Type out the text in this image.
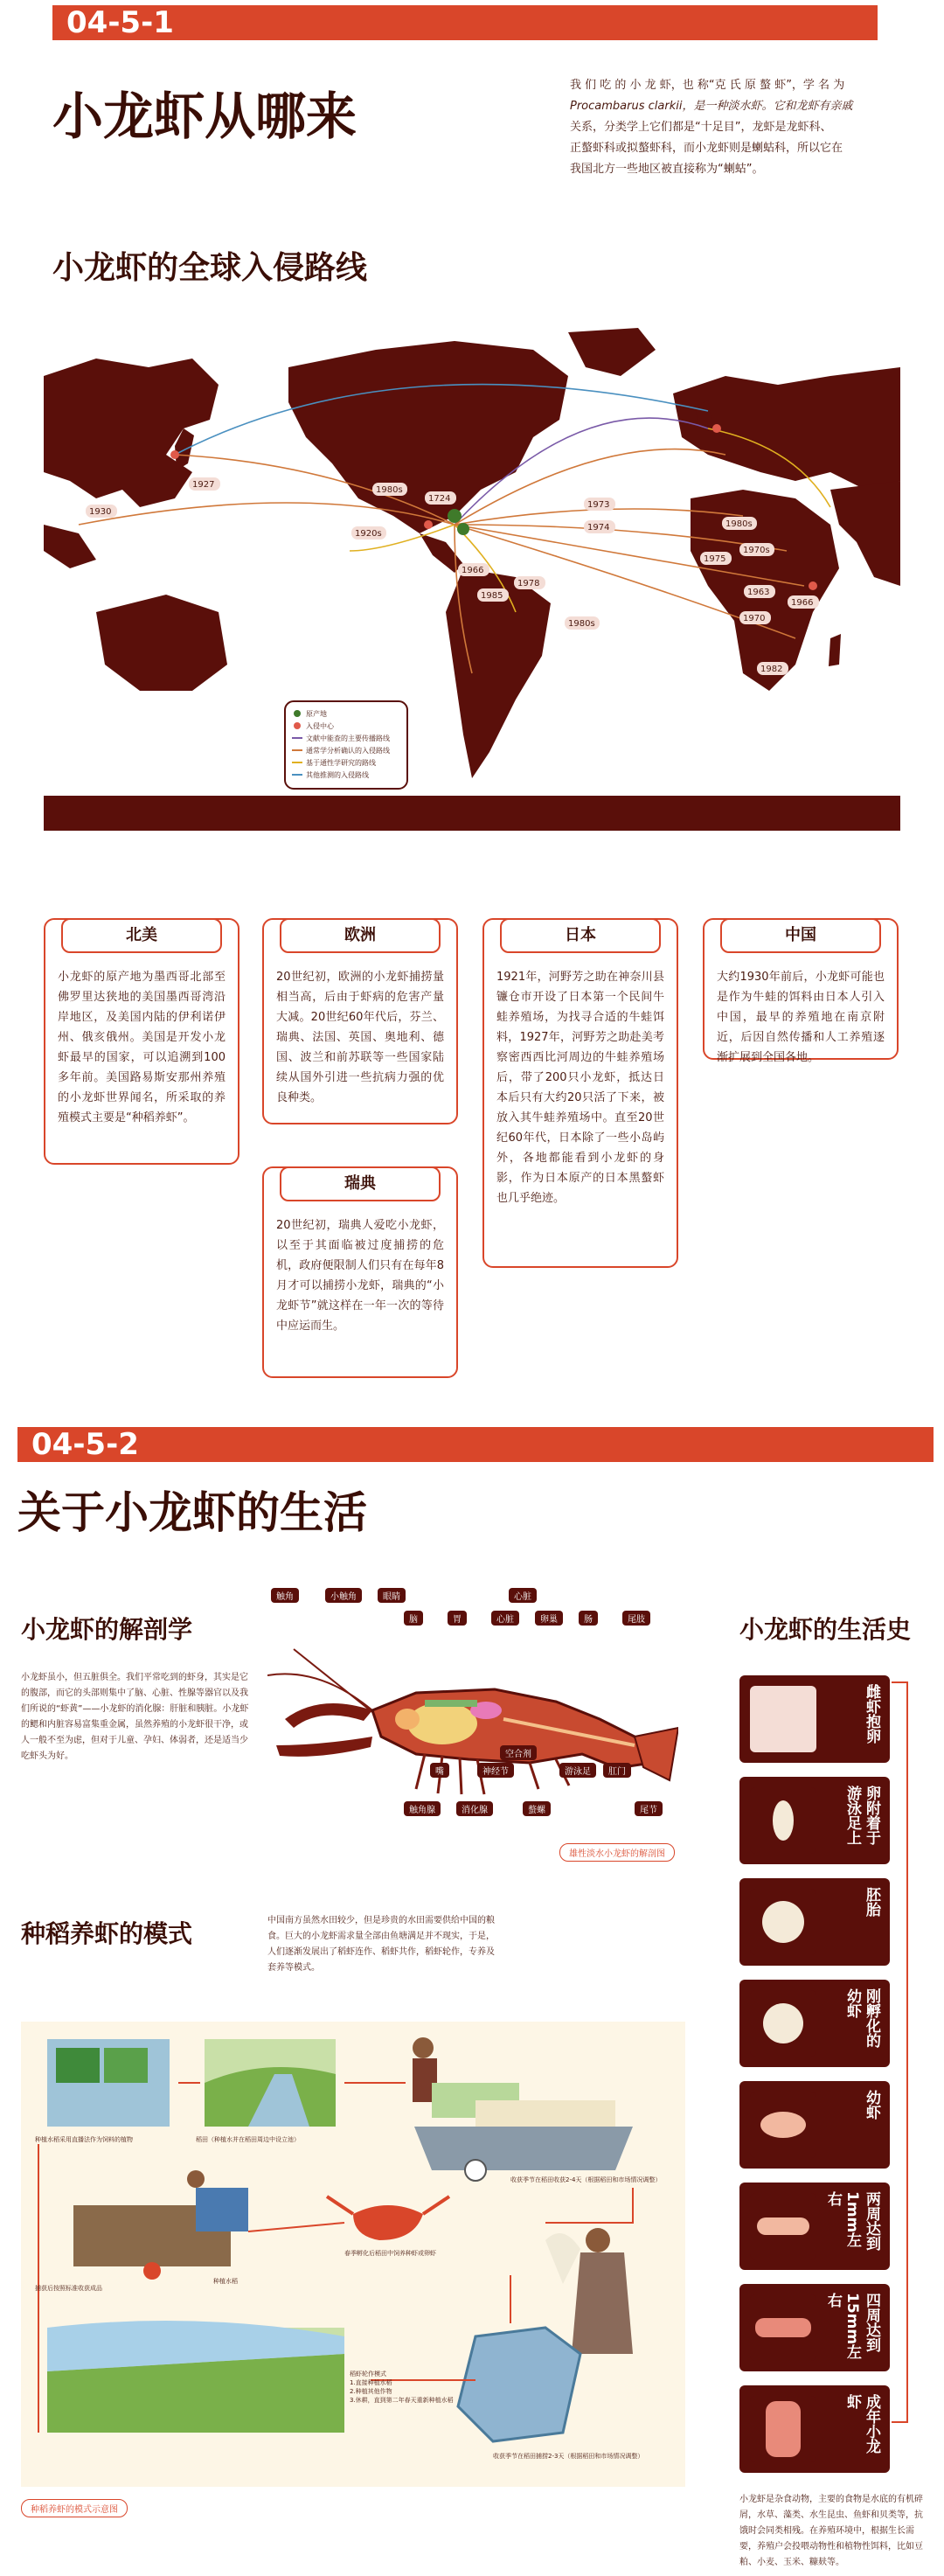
04-5-1
小龙虾从哪来
我 们 吃 的 小 龙 虾，也 称“克 氏 原 螯 虾”，学 名 为
Procambarus clarkii，是一种淡水虾。它和龙虾有亲戚
关系，分类学上它们都是“十足目”，龙虾是龙虾科、
正螯虾科或拟螯虾科，而小龙虾则是蝲蛄科，所以它在
我国北方一些地区被直接称为“蝲蛄”。
小龙虾的全球入侵路线
1927
1930
1980s
1724
1920s
1973
1974
1966
1985
1978
1980s
1980s
1970s
1975
1963
1966
1970
1982
原产地
入侵中心
文献中能查的主要传播路线
通常学分析确认的入侵路线
基于通性学研究的路线
其他推测的入侵路线
北美
小龙虾的原产地为墨西哥北部至佛罗里达狭地的美国墨西哥湾沿岸地区，及美国内陆的伊利诺伊州、俄亥俄州。美国是开发小龙虾最早的国家，可以追溯到100多年前。美国路易斯安那州养殖的小龙虾世界闻名，所采取的养殖模式主要是“种稻养虾”。
欧洲
20世纪初，欧洲的小龙虾捕捞量相当高，后由于虾病的危害产量大减。20世纪60年代后，芬兰、瑞典、法国、英国、奥地利、德国、波兰和前苏联等一些国家陆续从国外引进一些抗病力强的优良种类。
日本
1921年，河野芳之助在神奈川县镰仓市开设了日本第一个民间牛蛙养殖场，为找寻合适的牛蛙饵料，1927年，河野芳之助赴美考察密西西比河周边的牛蛙养殖场后，带了200只小龙虾，抵达日本后只有大约20只活了下来，被放入其牛蛙养殖场中。直至20世纪60年代，日本除了一些小岛屿外，各地都能看到小龙虾的身影，作为日本原产的日本黑螯虾也几乎绝迹。
中国
大约1930年前后，小龙虾可能也是作为牛蛙的饵料由日本人引入中国，最早的养殖地在南京附近，后因自然传播和人工养殖逐渐扩展到全国各地。
瑞典
20世纪初，瑞典人爱吃小龙虾，以至于其面临被过度捕捞的危机，政府便限制人们只有在每年8月才可以捕捞小龙虾，瑞典的“小龙虾节”就这样在一年一次的等待中应运而生。
04-5-2
关于小龙虾的生活
小龙虾的解剖学
小龙虾虽小，但五脏俱全。我们平常吃到的虾身，其实是它的腹部，而它的头部则集中了脑、心脏、性腺等器官以及我们所说的“虾黄”——小龙虾的消化腺：肝脏和胰脏。小龙虾的鳃和内脏容易富集重金属，虽然养殖的小龙虾很干净，或人一般不至为虑，但对于儿童、孕妇、体弱者，还是适当少吃虾头为好。
触角	小触角	眼睛
脑	胃	心脏
心脏
卵巢	肠	尾肢
嘴
触角腺
神经节
消化腺
空合剂
螯螺
游泳足	肛门
尾节
雄性淡水小龙虾的解剖图
种稻养虾的模式	中国南方虽然水田较少，但是珍贵的水田需要供给中国的粮食。巨大的小龙虾需求量全部由鱼塘满足并不现实，于是，人们逐渐发展出了稻虾连作、稻虾共作，稻虾轮作，专养及套养等模式。
种植水稻采用直播法作为饲料的植物	稻田（种植水并在稻田周边中设立池）
种植水稻
捕获后按照标准收获成品
春季孵化后稻田中饲养种虾或卵虾
收获季节在稻田收获2-4天（根据稻田和市场情况调整）
收获季节在稻田捕捞2-3天（根据稻田和市场情况调整）
稻虾轮作模式
1.直接种植水稻
2.种植其他作物
3.休耕，直到第二年春天重新种植水稻
种稻养虾的模式示意图
小龙虾的生活史
雌虾抱卵
卵附着于游泳足上
胚胎
刚孵化的幼虾
幼虾
两周达到1mm左右
四周达到15mm左右
成年小龙虾
小龙虾是杂食动物，主要的食物是水底的有机碎屑，水草、藻类、水生昆虫、鱼虾和贝类等，抗饿时会同类相残。在养殖环境中，根据生长需要，养殖户会投喂动物性和植物性饵料，比如豆粕、小麦、玉米、糠麸等。
